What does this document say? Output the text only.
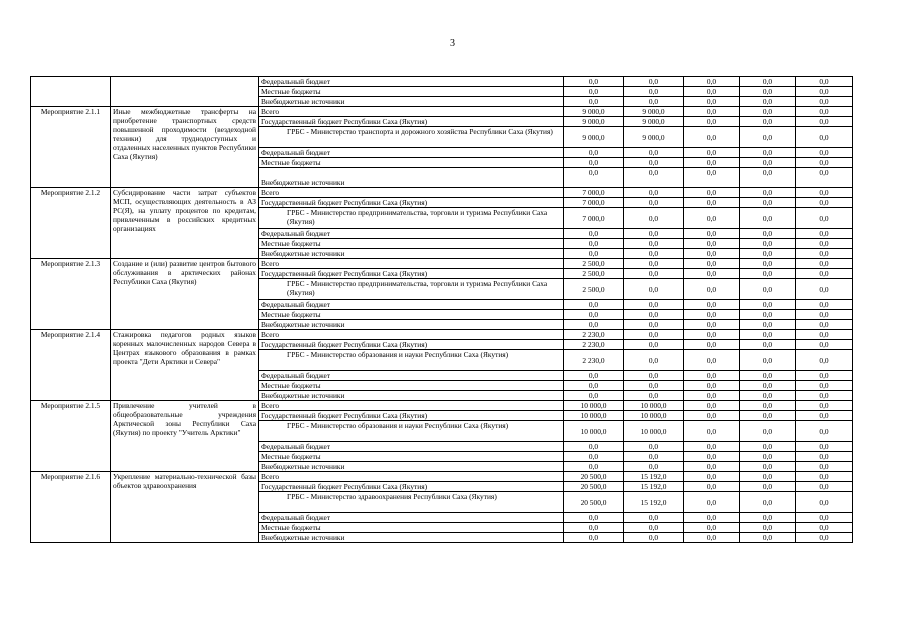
3
		Федеральный бюджет	0,0	0,0	0,0	0,0	0,0
		Местные бюджеты	0,0	0,0	0,0	0,0	0,0
		Внебюджетные источники	0,0	0,0	0,0	0,0	0,0
Мероприятие 2.1.1	Иные межбюджетные трансферты на приобретение транспортных средств повышенной проходимости (вездеходной техники) для труднодоступных и отдаленных населенных пунктов Республики Саха (Якутия)	Всего	9 000,0	9 000,0	0,0	0,0	0,0
		Государственный бюджет Республики Саха (Якутия)	9 000,0	9 000,0	0,0	0,0	0,0
		ГРБС - Министерство транспорта и дорожного хозяйства Республики Саха (Якутия)	9 000,0	9 000,0	0,0	0,0	0,0
		Федеральный бюджет	0,0	0,0	0,0	0,0	0,0
		Местные бюджеты	0,0	0,0	0,0	0,0	0,0
		Внебюджетные источники	0,0	0,0	0,0	0,0	0,0
Мероприятие 2.1.2	Субсидирование части затрат субъектов МСП, осуществляющих деятельность в АЗ РС(Я), на уплату процентов по кредитам, привлеченным в российских кредитных организациях	Всего	7 000,0	0,0	0,0	0,0	0,0
		Государственный бюджет Республики Саха (Якутия)	7 000,0	0,0	0,0	0,0	0,0
		ГРБС - Министерство предпринимательства, торговли и туризма Республики Саха (Якутия)	7 000,0	0,0	0,0	0,0	0,0
		Федеральный бюджет	0,0	0,0	0,0	0,0	0,0
		Местные бюджеты	0,0	0,0	0,0	0,0	0,0
		Внебюджетные источники	0,0	0,0	0,0	0,0	0,0
Мероприятие 2.1.3	Создание и (или) развитие центров бытового обслуживания в арктических районах Республики Саха (Якутия)	Всего	2 500,0	0,0	0,0	0,0	0,0
		Государственный бюджет Республики Саха (Якутия)	2 500,0	0,0	0,0	0,0	0,0
		ГРБС - Министерство предпринимательства, торговли и туризма Республики Саха (Якутия)	2 500,0	0,0	0,0	0,0	0,0
		Федеральный бюджет	0,0	0,0	0,0	0,0	0,0
		Местные бюджеты	0,0	0,0	0,0	0,0	0,0
		Внебюджетные источники	0,0	0,0	0,0	0,0	0,0
Мероприятие 2.1.4	Стажировка педагогов родных языков коренных малочисленных народов Севера в Центрах языкового образования в рамках проекта "Дети Арктики и Севера"	Всего	2 230,0	0,0	0,0	0,0	0,0
		Государственный бюджет Республики Саха (Якутия)	2 230,0	0,0	0,0	0,0	0,0
		ГРБС - Министерство образования и науки Республики Саха (Якутия)	2 230,0	0,0	0,0	0,0	0,0
		Федеральный бюджет	0,0	0,0	0,0	0,0	0,0
		Местные бюджеты	0,0	0,0	0,0	0,0	0,0
		Внебюджетные источники	0,0	0,0	0,0	0,0	0,0
Мероприятие 2.1.5	Привлечение учителей в общеобразовательные учреждения Арктической зоны Республики Саха (Якутия) по проекту "Учитель Арктики"	Всего	10 000,0	10 000,0	0,0	0,0	0,0
		Государственный бюджет Республики Саха (Якутия)	10 000,0	10 000,0	0,0	0,0	0,0
		ГРБС - Министерство образования и науки Республики Саха (Якутия)	10 000,0	10 000,0	0,0	0,0	0,0
		Федеральный бюджет	0,0	0,0	0,0	0,0	0,0
		Местные бюджеты	0,0	0,0	0,0	0,0	0,0
		Внебюджетные источники	0,0	0,0	0,0	0,0	0,0
Мероприятие 2.1.6	Укрепление материально-технической базы объектов здравоохранения	Всего	20 500,0	15 192,0	0,0	0,0	0,0
		Государственный бюджет Республики Саха (Якутия)	20 500,0	15 192,0	0,0	0,0	0,0
		ГРБС - Министерство здравоохранения Республики Саха (Якутия)	20 500,0	15 192,0	0,0	0,0	0,0
		Федеральный бюджет	0,0	0,0	0,0	0,0	0,0
		Местные бюджеты	0,0	0,0	0,0	0,0	0,0
		Внебюджетные источники	0,0	0,0	0,0	0,0	0,0
